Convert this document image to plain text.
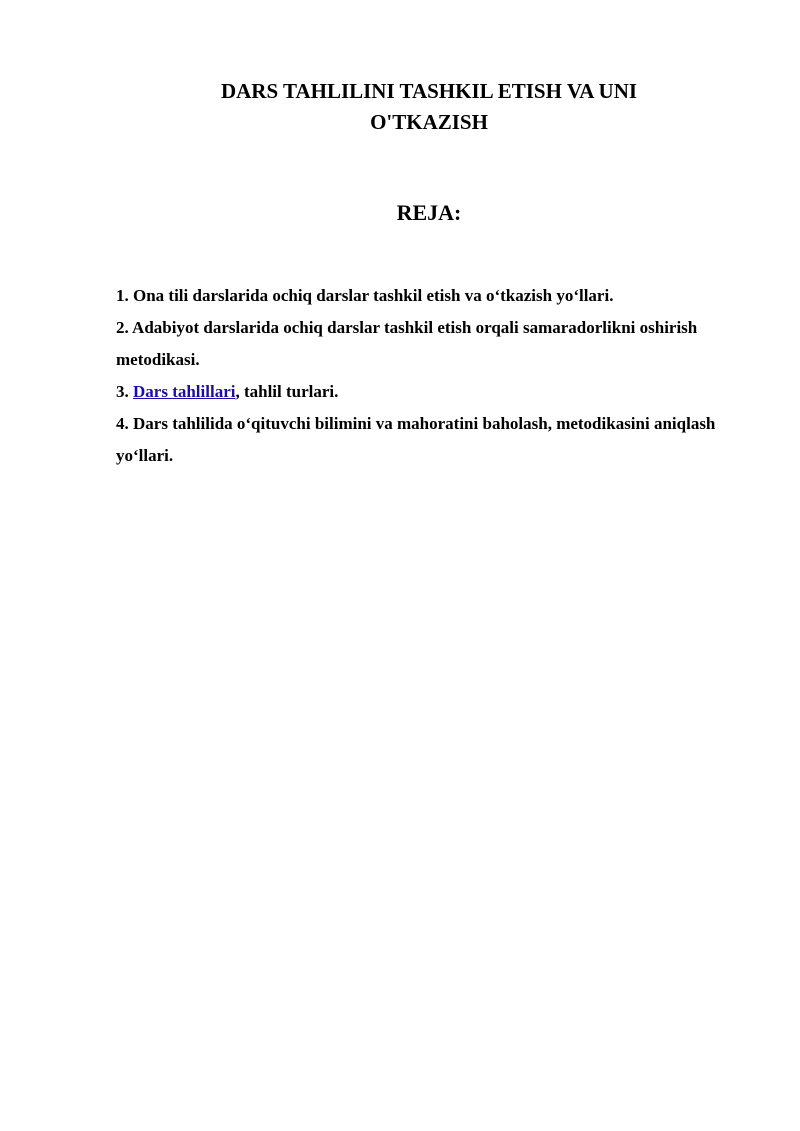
DARS TAHLILINI TASHKIL ETISH VA UNI
O'TKAZISH
REJA:
1. Ona tili darslarida ochiq darslar tashkil etish va o‘tkazish yo‘llari.
2. Adabiyot darslarida ochiq darslar tashkil etish orqali samaradorlikni oshirish metodikasi.
3. Dars tahlillari, tahlil turlari.
4. Dars tahlilida o‘qituvchi bilimini va mahoratini baholash, metodikasini aniqlash yo‘llari.
